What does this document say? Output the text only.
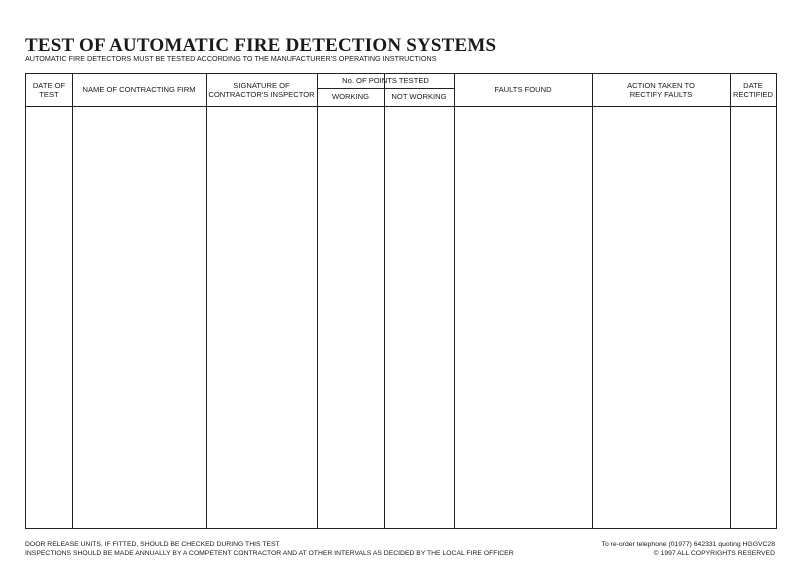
TEST OF AUTOMATIC FIRE DETECTION SYSTEMS
AUTOMATIC FIRE DETECTORS MUST BE TESTED ACCORDING TO THE MANUFACTURER'S OPERATING INSTRUCTIONS
DATE OF
TEST
NAME OF CONTRACTING FIRM
SIGNATURE OF
CONTRACTOR'S INSPECTOR
No. OF POINTS TESTED
WORKING	NOT WORKING
FAULTS FOUND
ACTION TAKEN TO
RECTIFY FAULTS
DATE
RECTIFIED
DOOR RELEASE UNITS, IF FITTED, SHOULD BE CHECKED DURING THIS TEST
INSPECTIONS SHOULD BE MADE ANNUALLY BY A COMPETENT CONTRACTOR AND AT OTHER INTERVALS AS DECIDED BY THE LOCAL FIRE OFFICER
To re-order telephone (01977) 642331 quoting HGGVC28
© 1997 ALL COPYRIGHTS RESERVED
